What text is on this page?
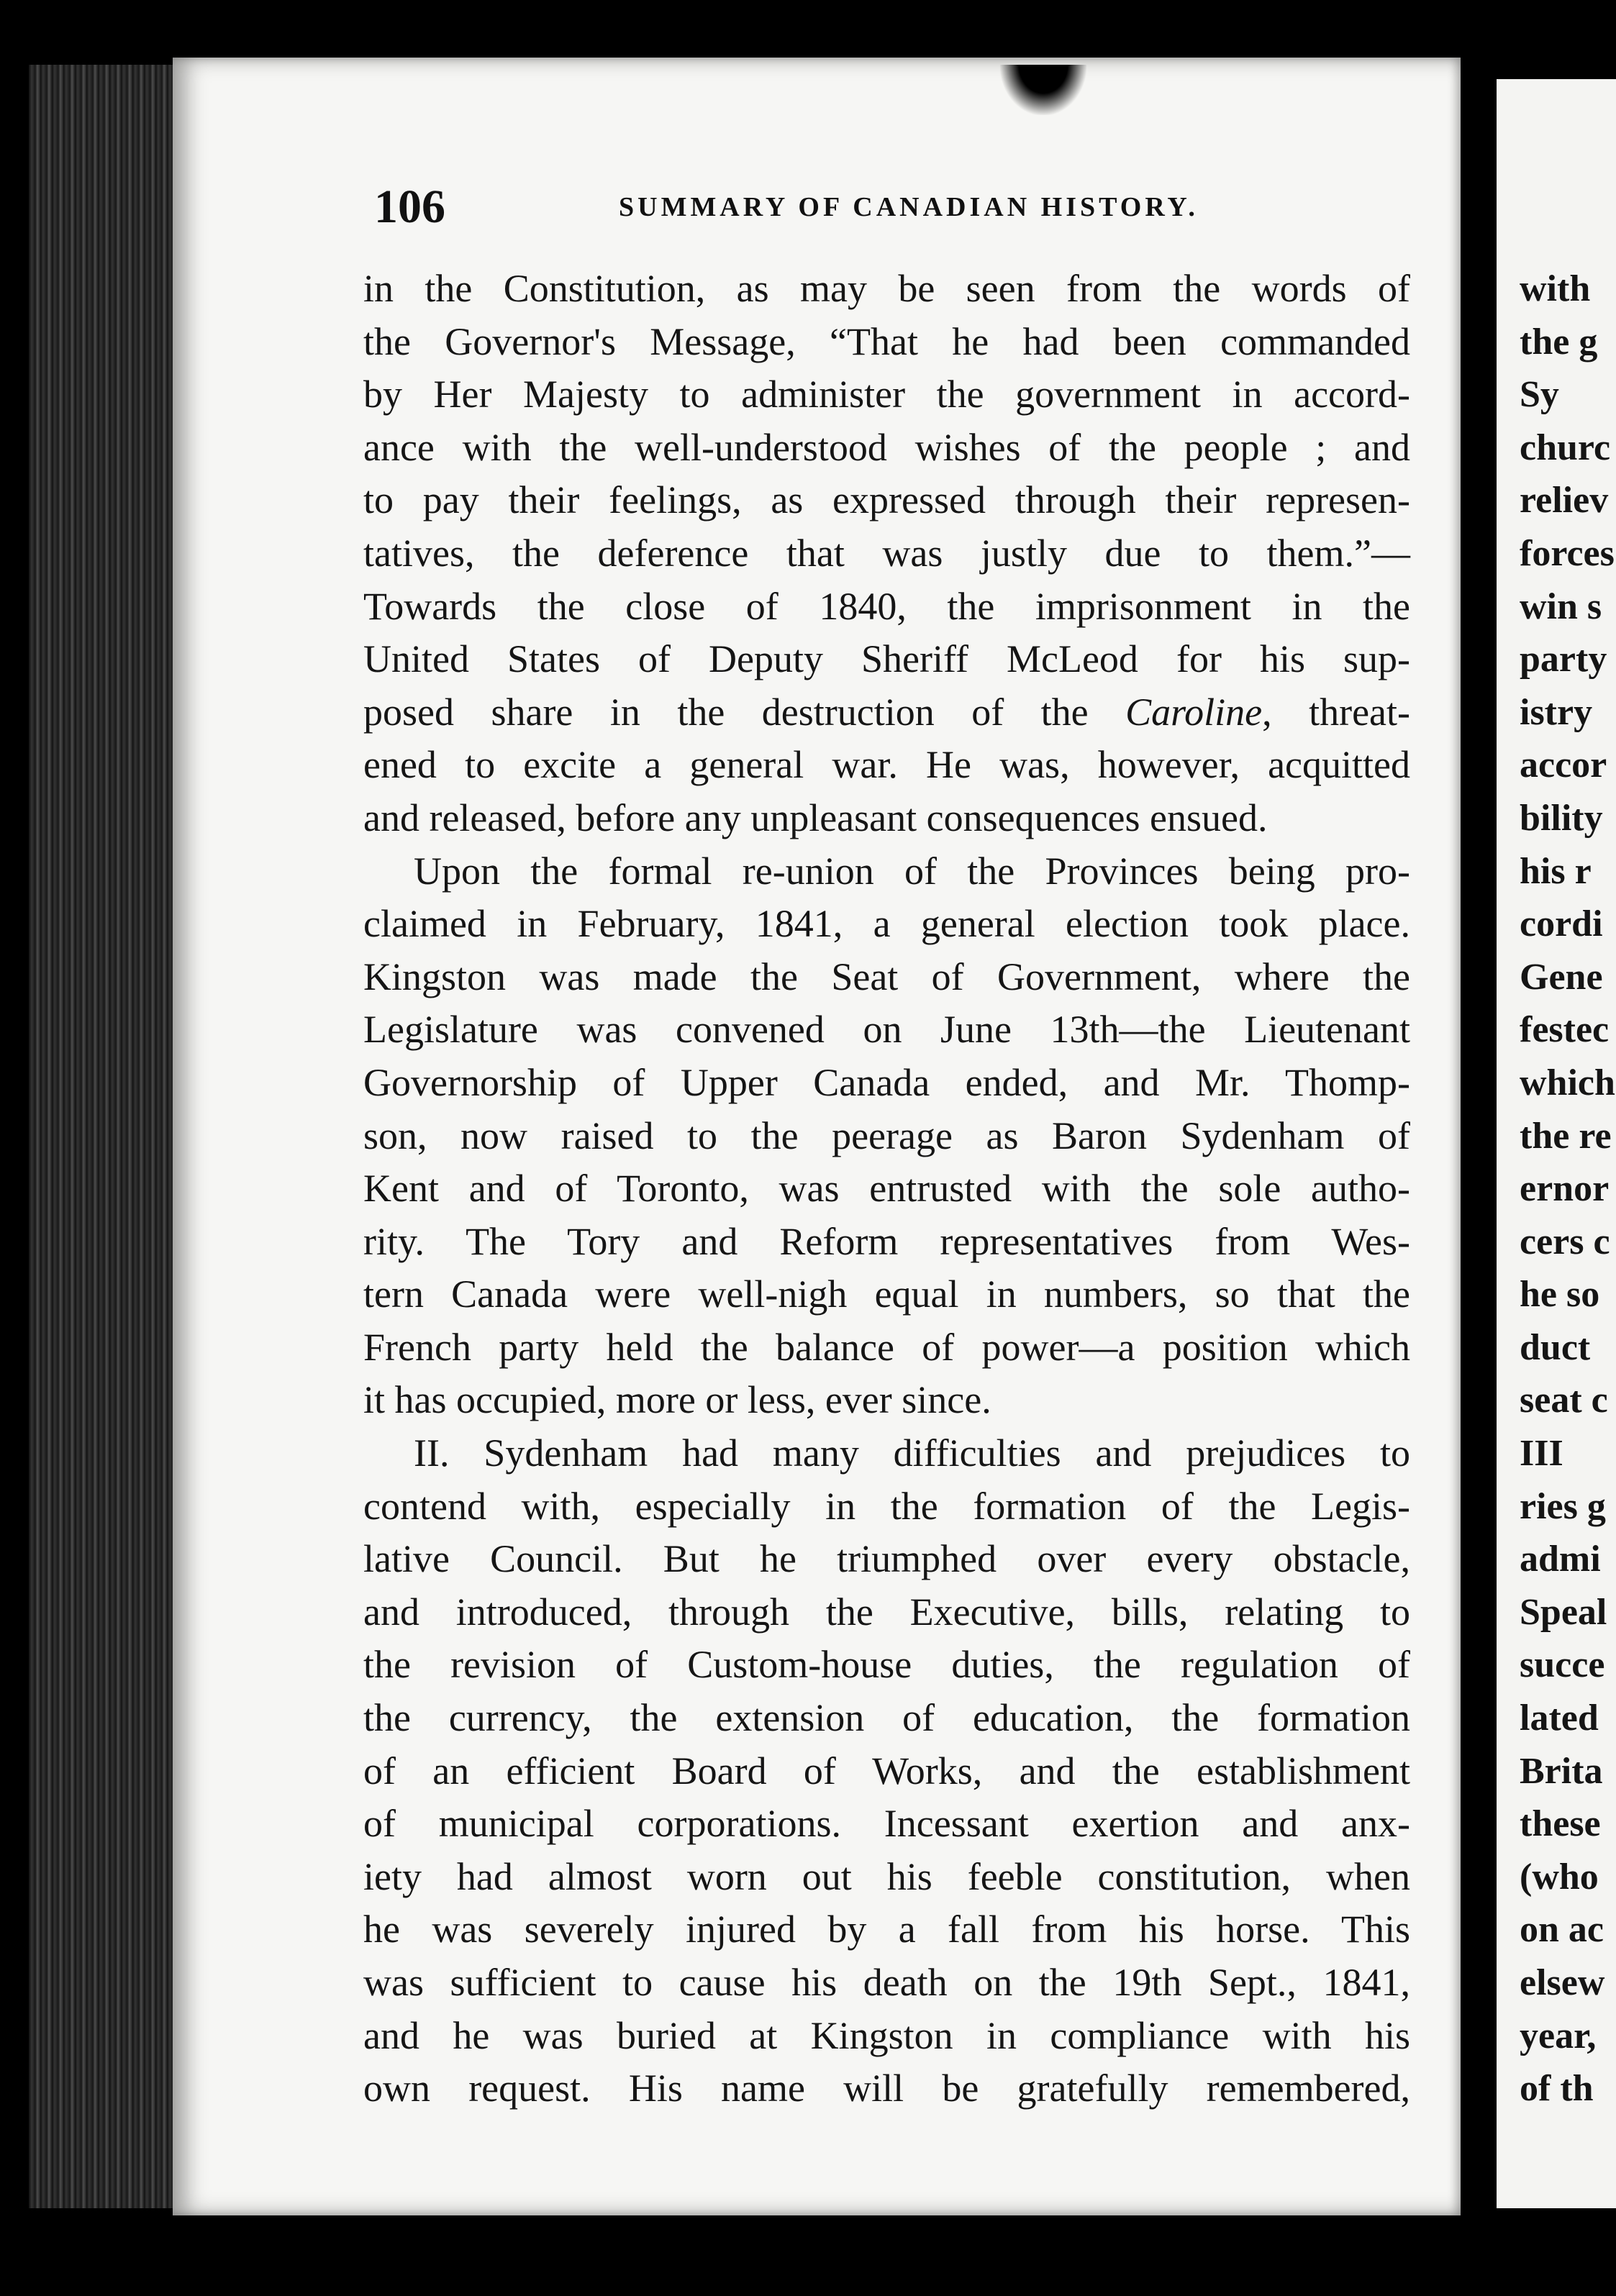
106	SUMMARY OF CANADIAN HISTORY.
in the Constitution, as may be seen from the words of
the Governor's Message, “That he had been commanded
by Her Majesty to administer the government in accord-
ance with the well-understood wishes of the people ; and
to pay their feelings, as expressed through their represen-
tatives, the deference that was justly due to them.”—
Towards the close of 1840, the imprisonment in the
United States of Deputy Sheriff McLeod for his sup-
posed share in the destruction of the Caroline, threat-
ened to excite a general war. He was, however, acquitted
and released, before any unpleasant consequences ensued.
Upon the formal re-union of the Provinces being pro-
claimed in February, 1841, a general election took place.
Kingston was made the Seat of Government, where the
Legislature was convened on June 13th—the Lieutenant
Governorship of Upper Canada ended, and Mr. Thomp-
son, now raised to the peerage as Baron Sydenham of
Kent and of Toronto, was entrusted with the sole autho-
rity. The Tory and Reform representatives from Wes-
tern Canada were well-nigh equal in numbers, so that the
French party held the balance of power—a position which
it has occupied, more or less, ever since.
II. Sydenham had many difficulties and prejudices to
contend with, especially in the formation of the Legis-
lative Council. But he triumphed over every obstacle,
and introduced, through the Executive, bills, relating to
the revision of Custom-house duties, the regulation of
the currency, the extension of education, the formation
of an efficient Board of Works, and the establishment
of municipal corporations. Incessant exertion and anx-
iety had almost worn out his feeble constitution, when
he was severely injured by a fall from his horse. This
was sufficient to cause his death on the 19th Sept., 1841,
and he was buried at Kingston in compliance with his
own request. His name will be gratefully remembered,
with
the g
Sy
churc
reliev
forces
win s
party
istry
accor
bility
his r
cordi
Gene
festec
which
the re
ernor
cers c
he so
duct
seat c
III
ries g
admi
Speal
succe
lated
Brita
these
(who
on ac
elsew
year,
of th
